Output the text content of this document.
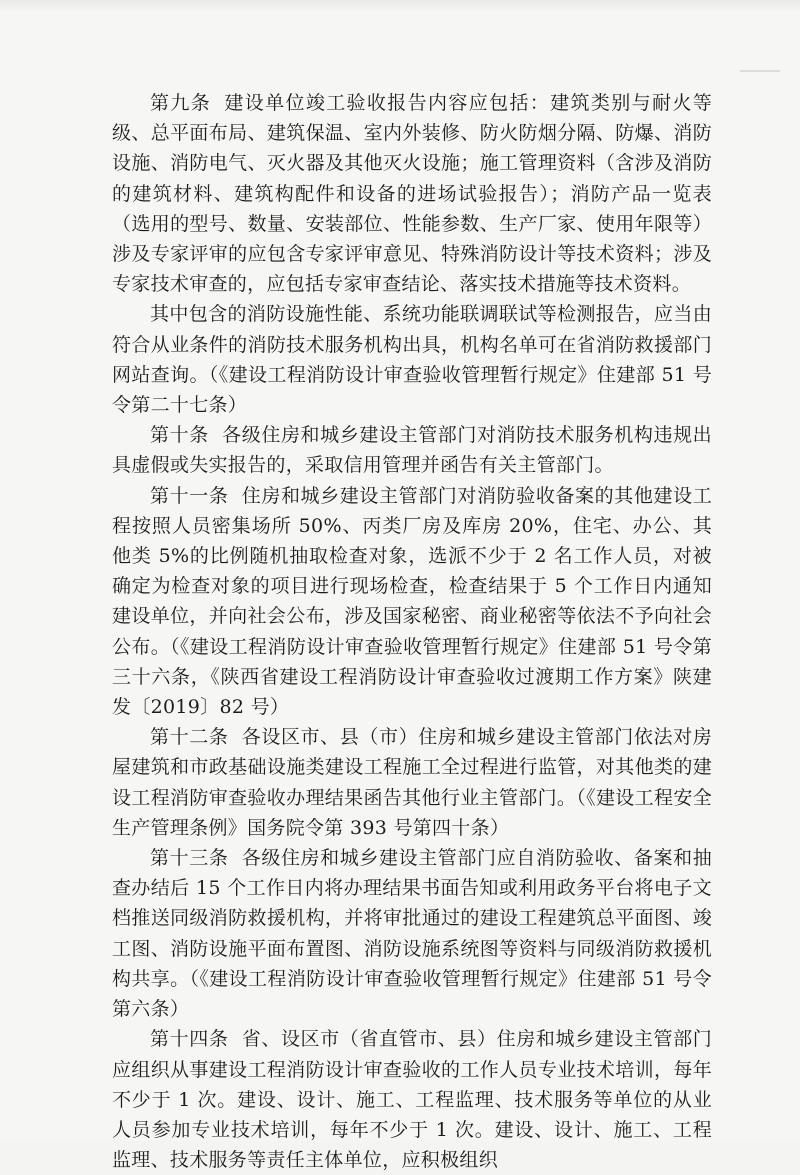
第九条 建设单位竣工验收报告内容应包括：建筑类别与耐火等级、总平面布局、建筑保温、室内外装修、防火防烟分隔、防爆、消防设施、消防电气、灭火器及其他灭火设施；施工管理资料（含涉及消防的建筑材料、建筑构配件和设备的进场试验报告）；消防产品一览表（选用的型号、数量、安装部位、性能参数、生产厂家、使用年限等）涉及专家评审的应包含专家评审意见、特殊消防设计等技术资料；涉及专家技术审查的，应包括专家审查结论、落实技术措施等技术资料。

其中包含的消防设施性能、系统功能联调联试等检测报告，应当由符合从业条件的消防技术服务机构出具，机构名单可在省消防救援部门网站查询。（《建设工程消防设计审查验收管理暂行规定》住建部 51 号令第二十七条）

第十条 各级住房和城乡建设主管部门对消防技术服务机构违规出具虚假或失实报告的，采取信用管理并函告有关主管部门。

第十一条 住房和城乡建设主管部门对消防验收备案的其他建设工程按照人员密集场所 50%、丙类厂房及库房 20%，住宅、办公、其他类 5%的比例随机抽取检查对象，选派不少于 2 名工作人员，对被确定为检查对象的项目进行现场检查，检查结果于 5 个工作日内通知建设单位，并向社会公布，涉及国家秘密、商业秘密等依法不予向社会公布。（《建设工程消防设计审查验收管理暂行规定》住建部 51 号令第三十六条，《陕西省建设工程消防设计审查验收过渡期工作方案》陕建发〔2019〕82 号）

第十二条 各设区市、县（市）住房和城乡建设主管部门依法对房屋建筑和市政基础设施类建设工程施工全过程进行监管，对其他类的建设工程消防审查验收办理结果函告其他行业主管部门。（《建设工程安全生产管理条例》国务院令第 393 号第四十条）

第十三条 各级住房和城乡建设主管部门应自消防验收、备案和抽查办结后 15 个工作日内将办理结果书面告知或利用政务平台将电子文档推送同级消防救援机构，并将审批通过的建设工程建筑总平面图、竣工图、消防设施平面布置图、消防设施系统图等资料与同级消防救援机构共享。（《建设工程消防设计审查验收管理暂行规定》住建部 51 号令第六条）

第十四条 省、设区市（省直管市、县）住房和城乡建设主管部门应组织从事建设工程消防设计审查验收的工作人员专业技术培训，每年不少于 1 次。建设、设计、施工、工程监理、技术服务等单位的从业人员参加专业技术培训，每年不少于 1 次。建设、设计、施工、工程监理、技术服务等责任主体单位，应积极组织
